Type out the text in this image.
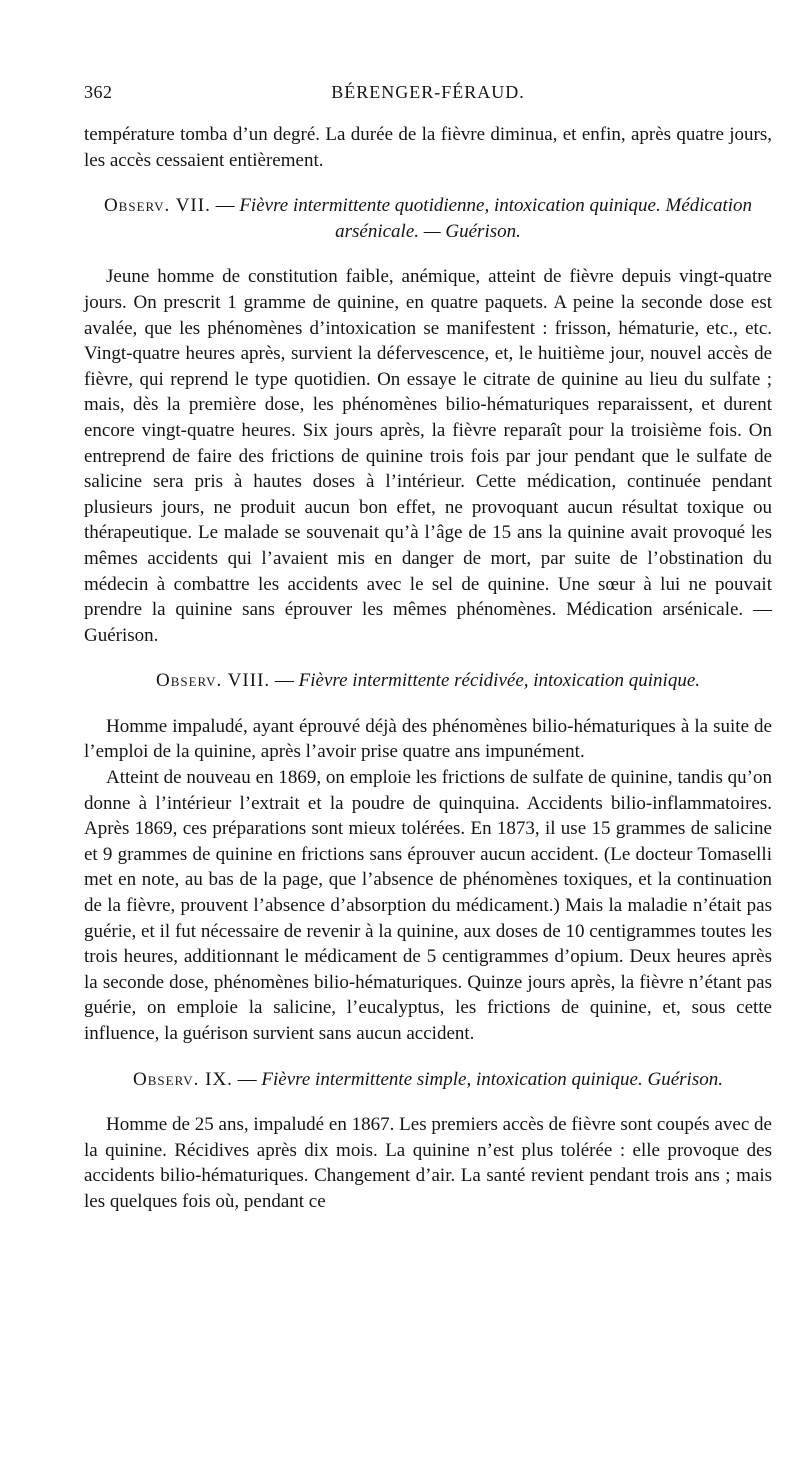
362	BÉRENGER-FÉRAUD.

température tomba d’un degré. La durée de la fièvre diminua, et enfin, après quatre jours, les accès cessaient entièrement.

Observ. VII. — Fièvre intermittente quotidienne, intoxication quinique. Médication arsénicale. — Guérison.

Jeune homme de constitution faible, anémique, atteint de fièvre depuis vingt-quatre jours. On prescrit 1 gramme de quinine, en quatre paquets. A peine la seconde dose est avalée, que les phénomènes d’intoxication se manifestent : frisson, hématurie, etc., etc. Vingt-quatre heures après, survient la défervescence, et, le huitième jour, nouvel accès de fièvre, qui reprend le type quotidien. On essaye le citrate de quinine au lieu du sulfate ; mais, dès la première dose, les phénomènes bilio-hématuriques reparaissent, et durent encore vingt-quatre heures. Six jours après, la fièvre reparaît pour la troisième fois. On entreprend de faire des frictions de quinine trois fois par jour pendant que le sulfate de salicine sera pris à hautes doses à l’intérieur. Cette médication, continuée pendant plusieurs jours, ne produit aucun bon effet, ne provoquant aucun résultat toxique ou thérapeutique. Le malade se souvenait qu’à l’âge de 15 ans la quinine avait provoqué les mêmes accidents qui l’avaient mis en danger de mort, par suite de l’obstination du médecin à combattre les accidents avec le sel de quinine. Une sœur à lui ne pouvait prendre la quinine sans éprouver les mêmes phénomènes. Médication arsénicale. — Guérison.

Observ. VIII. — Fièvre intermittente récidivée, intoxication quinique.

Homme impaludé, ayant éprouvé déjà des phénomènes bilio-hématuriques à la suite de l’emploi de la quinine, après l’avoir prise quatre ans impunément.

Atteint de nouveau en 1869, on emploie les frictions de sulfate de quinine, tandis qu’on donne à l’intérieur l’extrait et la poudre de quinquina. Accidents bilio-inflammatoires. Après 1869, ces préparations sont mieux tolérées. En 1873, il use 15 grammes de salicine et 9 grammes de quinine en frictions sans éprouver aucun accident. (Le docteur Tomaselli met en note, au bas de la page, que l’absence de phénomènes toxiques, et la continuation de la fièvre, prouvent l’absence d’absorption du médicament.) Mais la maladie n’était pas guérie, et il fut nécessaire de revenir à la quinine, aux doses de 10 centigrammes toutes les trois heures, additionnant le médicament de 5 centigrammes d’opium. Deux heures après la seconde dose, phénomènes bilio-hématuriques. Quinze jours après, la fièvre n’étant pas guérie, on emploie la salicine, l’eucalyptus, les frictions de quinine, et, sous cette influence, la guérison survient sans aucun accident.

Observ. IX. — Fièvre intermittente simple, intoxication quinique. Guérison.

Homme de 25 ans, impaludé en 1867. Les premiers accès de fièvre sont coupés avec de la quinine. Récidives après dix mois. La quinine n’est plus tolérée : elle provoque des accidents bilio-hématuriques. Changement d’air. La santé revient pendant trois ans ; mais les quelques fois où, pendant ce
